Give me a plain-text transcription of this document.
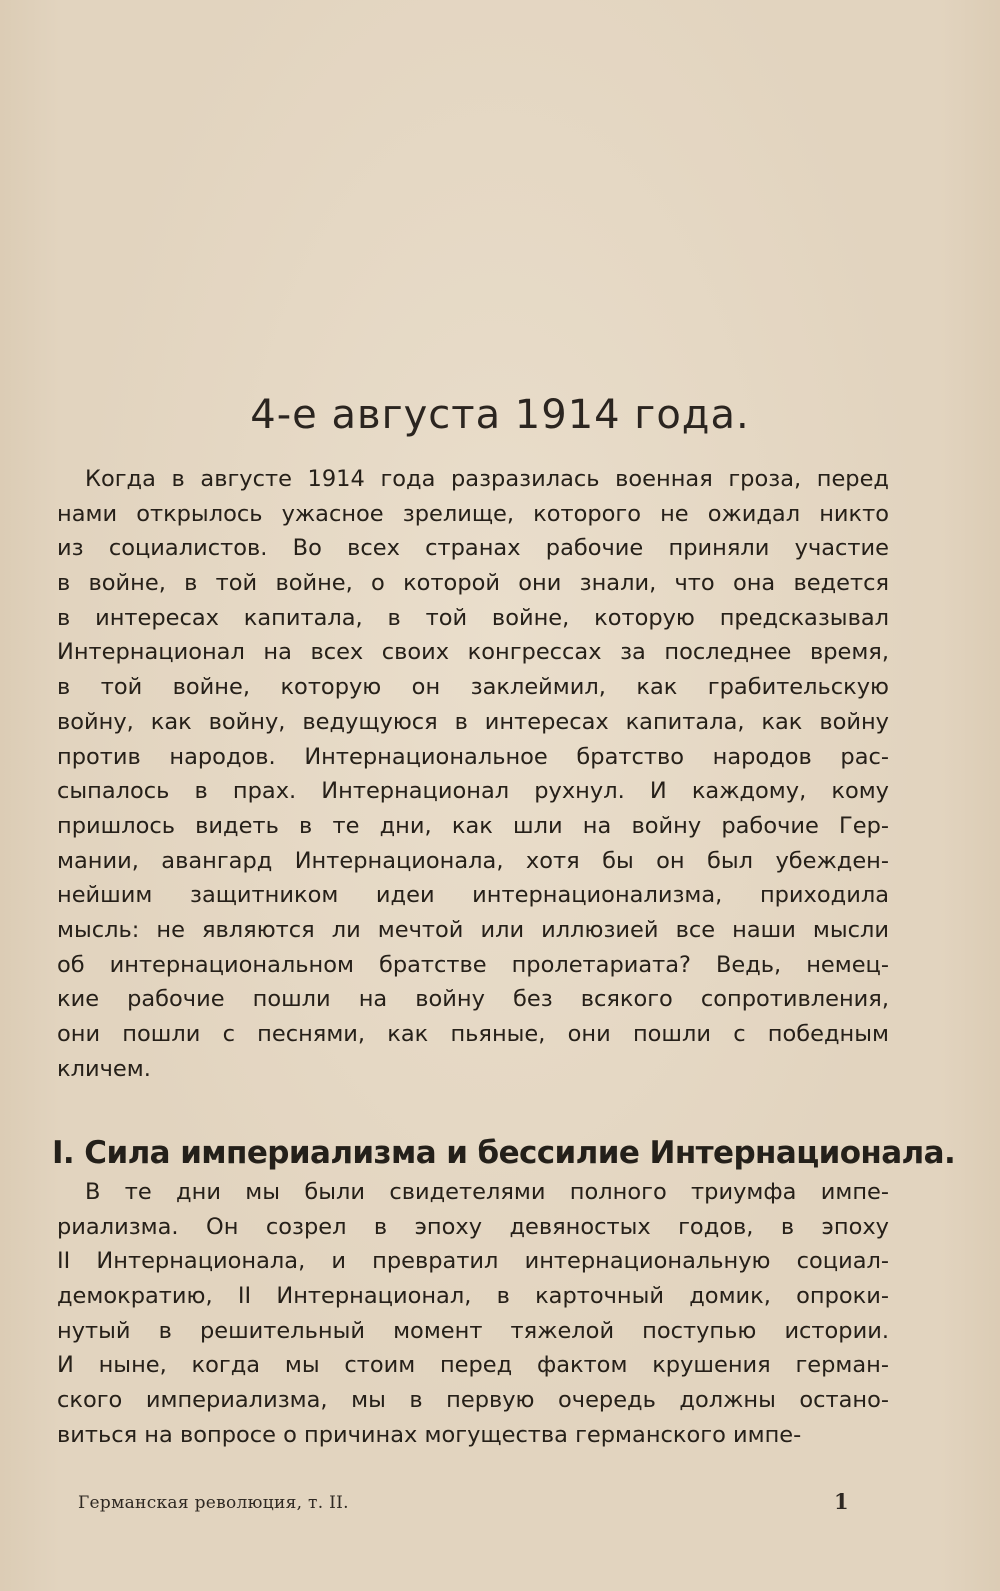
4-е августа 1914 года.
Когда в августе 1914 года разразилась военная гроза, перед
нами открылось ужасное зрелище, которого не ожидал никто
из социалистов. Во всех странах рабочие приняли участие
в войне, в той войне, о которой они знали, что она ведется
в интересах капитала, в той войне, которую предсказывал
Интернационал на всех своих конгрессах за последнее время,
в той войне, которую он заклеймил, как грабительскую
войну, как войну, ведущуюся в интересах капитала, как войну
против народов. Интернациональное братство народов рас-
сыпалось в прах. Интернационал рухнул. И каждому, кому
пришлось видеть в те дни, как шли на войну рабочие Гер-
мании, авангард Интернационала, хотя бы он был убежден-
нейшим защитником идеи интернационализма, приходила
мысль: не являются ли мечтой или иллюзией все наши мысли
об интернациональном братстве пролетариата? Ведь, немец-
кие рабочие пошли на войну без всякого сопротивления,
они пошли с песнями, как пьяные, они пошли с победным
кличем.
I. Сила империализма и бессилие Интернационала.
В те дни мы были свидетелями полного триумфа импе-
риализма. Он созрел в эпоху девяностых годов, в эпоху
II Интернационала, и превратил интернациональную социал-
демократию, II Интернационал, в карточный домик, опроки-
нутый в решительный момент тяжелой поступью истории.
И ныне, когда мы стоим перед фактом крушения герман-
ского империализма, мы в первую очередь должны остано-
виться на вопросе о причинах могущества германского импе-
Германская революция, т. II.	1
